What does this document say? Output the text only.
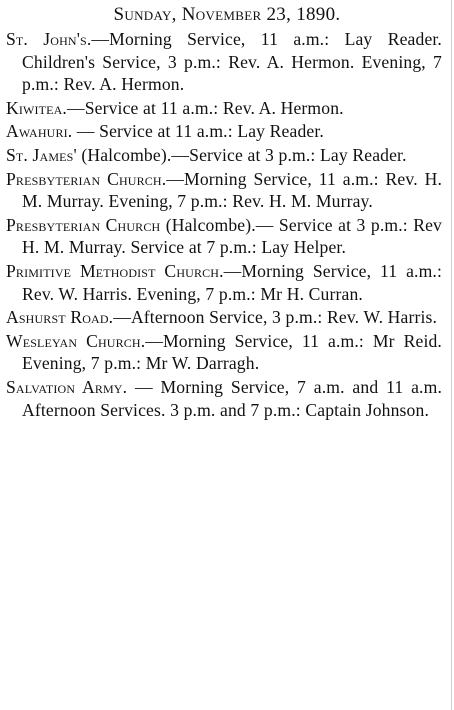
Sunday, November 23, 1890.

St. John's.—Morning Service, 11 a.m.: Lay Reader. Children's Service, 3 p.m.: Rev. A. Hermon. Evening, 7 p.m.: Rev. A. Hermon.

Kiwitea.—Service at 11 a.m.: Rev. A. Hermon.

Awahuri. — Service at 11 a.m.: Lay Reader.

St. James' (Halcombe).—Service at 3 p.m.: Lay Reader.

Presbyterian Church.—Morning Service, 11 a.m.: Rev. H. M. Murray. Evening, 7 p.m.: Rev. H. M. Murray.

Presbyterian Church (Halcombe).— Service at 3 p.m.: Rev H. M. Murray. Service at 7 p.m.: Lay Helper.

Primitive Methodist Church.—Morning Service, 11 a.m.: Rev. W. Harris. Evening, 7 p.m.: Mr H. Curran.

Ashurst Road.—Afternoon Service, 3 p.m.: Rev. W. Harris.

Wesleyan Church.—Morning Service, 11 a.m.: Mr Reid. Evening, 7 p.m.: Mr W. Darragh.

Salvation Army. — Morning Service, 7 a.m. and 11 a.m. Afternoon Services. 3 p.m. and 7 p.m.: Captain Johnson.
